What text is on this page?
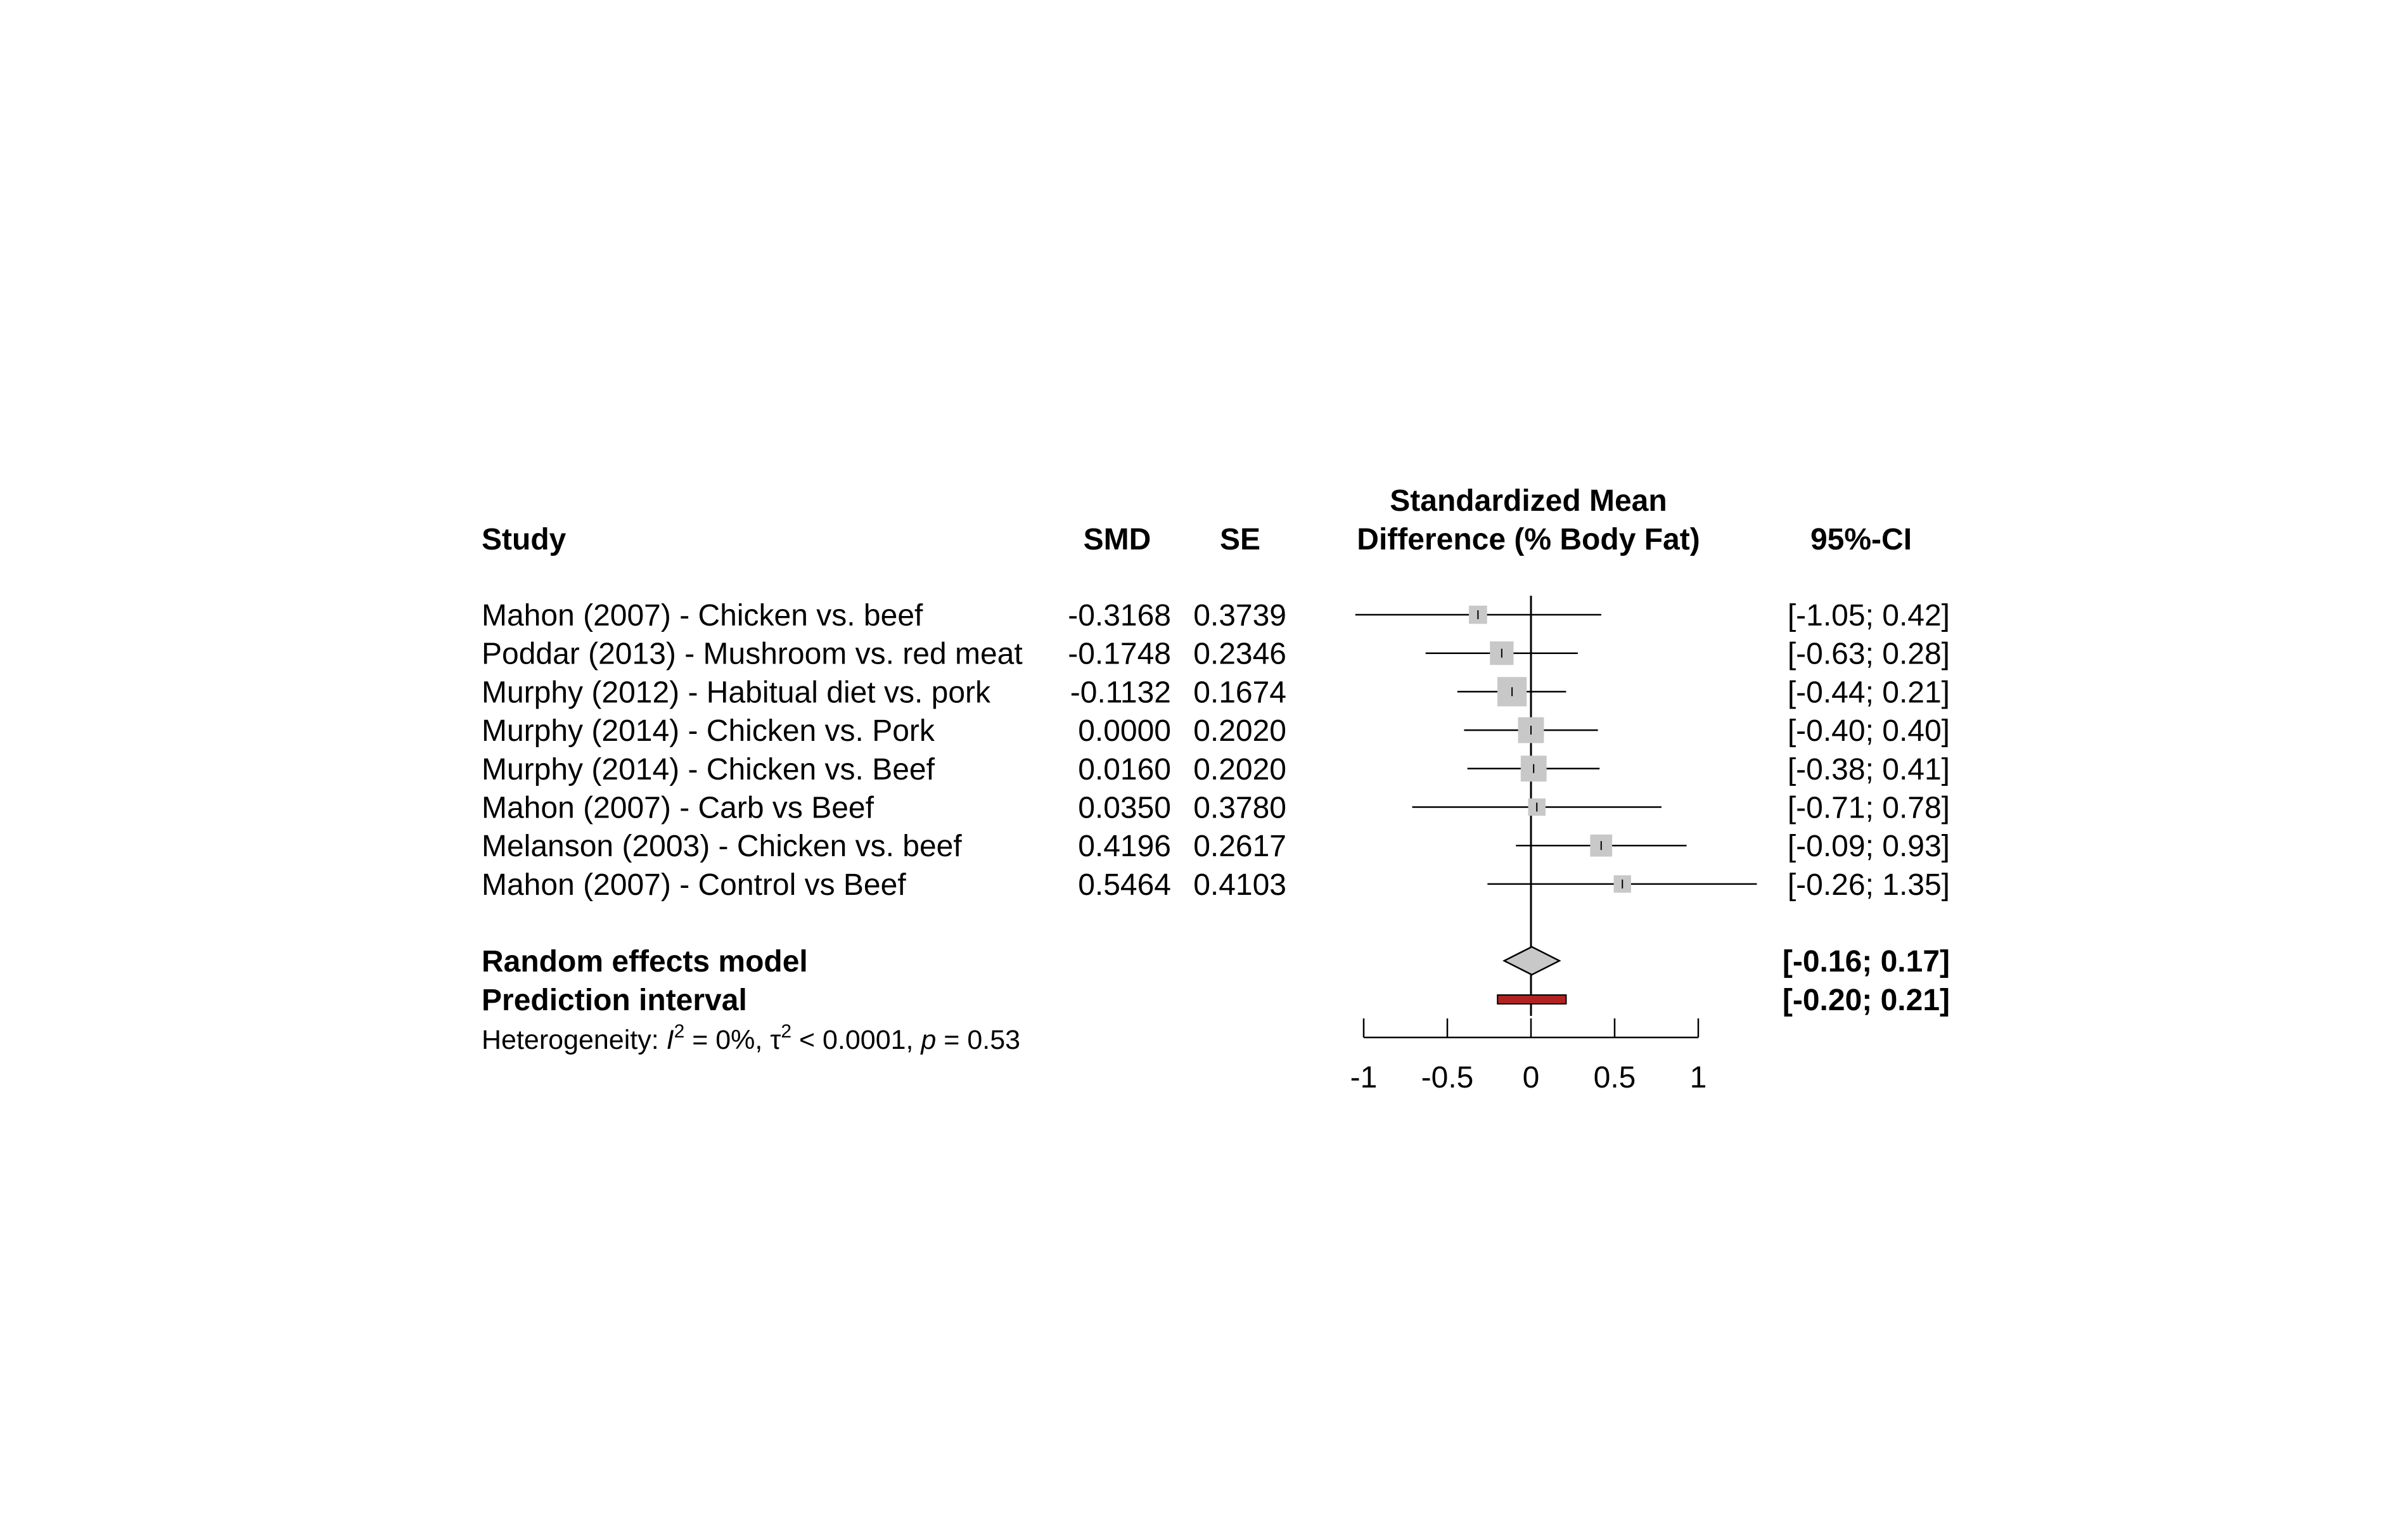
Study	SMD SE
Standardized Mean
Difference (% Body Fat)	95%-CI
Mahon (2007) - Chicken vs. beef	-0.3168 0.3739	[-1.05; 0.42]
Poddar (2013) - Mushroom vs. red meat -0.1748 0.2346	[-0.63; 0.28]
Murphy (2012) - Habitual diet vs. pork	-0.1132 0.1674	[-0.44; 0.21]
Murphy (2014) - Chicken vs. Pork	0.0000 0.2020	[-0.40; 0.40]
Murphy (2014) - Chicken vs. Beef	0.0160 0.2020	[-0.38; 0.41]
Mahon (2007) - Carb vs Beef	0.0350 0.3780	[-0.71; 0.78]
Melanson (2003) - Chicken vs. beef	0.4196 0.2617	[-0.09; 0.93]
Mahon (2007) - Control vs Beef	0.5464 0.4103	[-0.26; 1.35]
Random effects model	[-0.16; 0.17]
Prediction interval	[-0.20; 0.21]
Heterogeneity: $I^2 = 0\%$, $\tau^2 < 0.0001$, p = 0.53
-1 -0.5 0 0.5 1
